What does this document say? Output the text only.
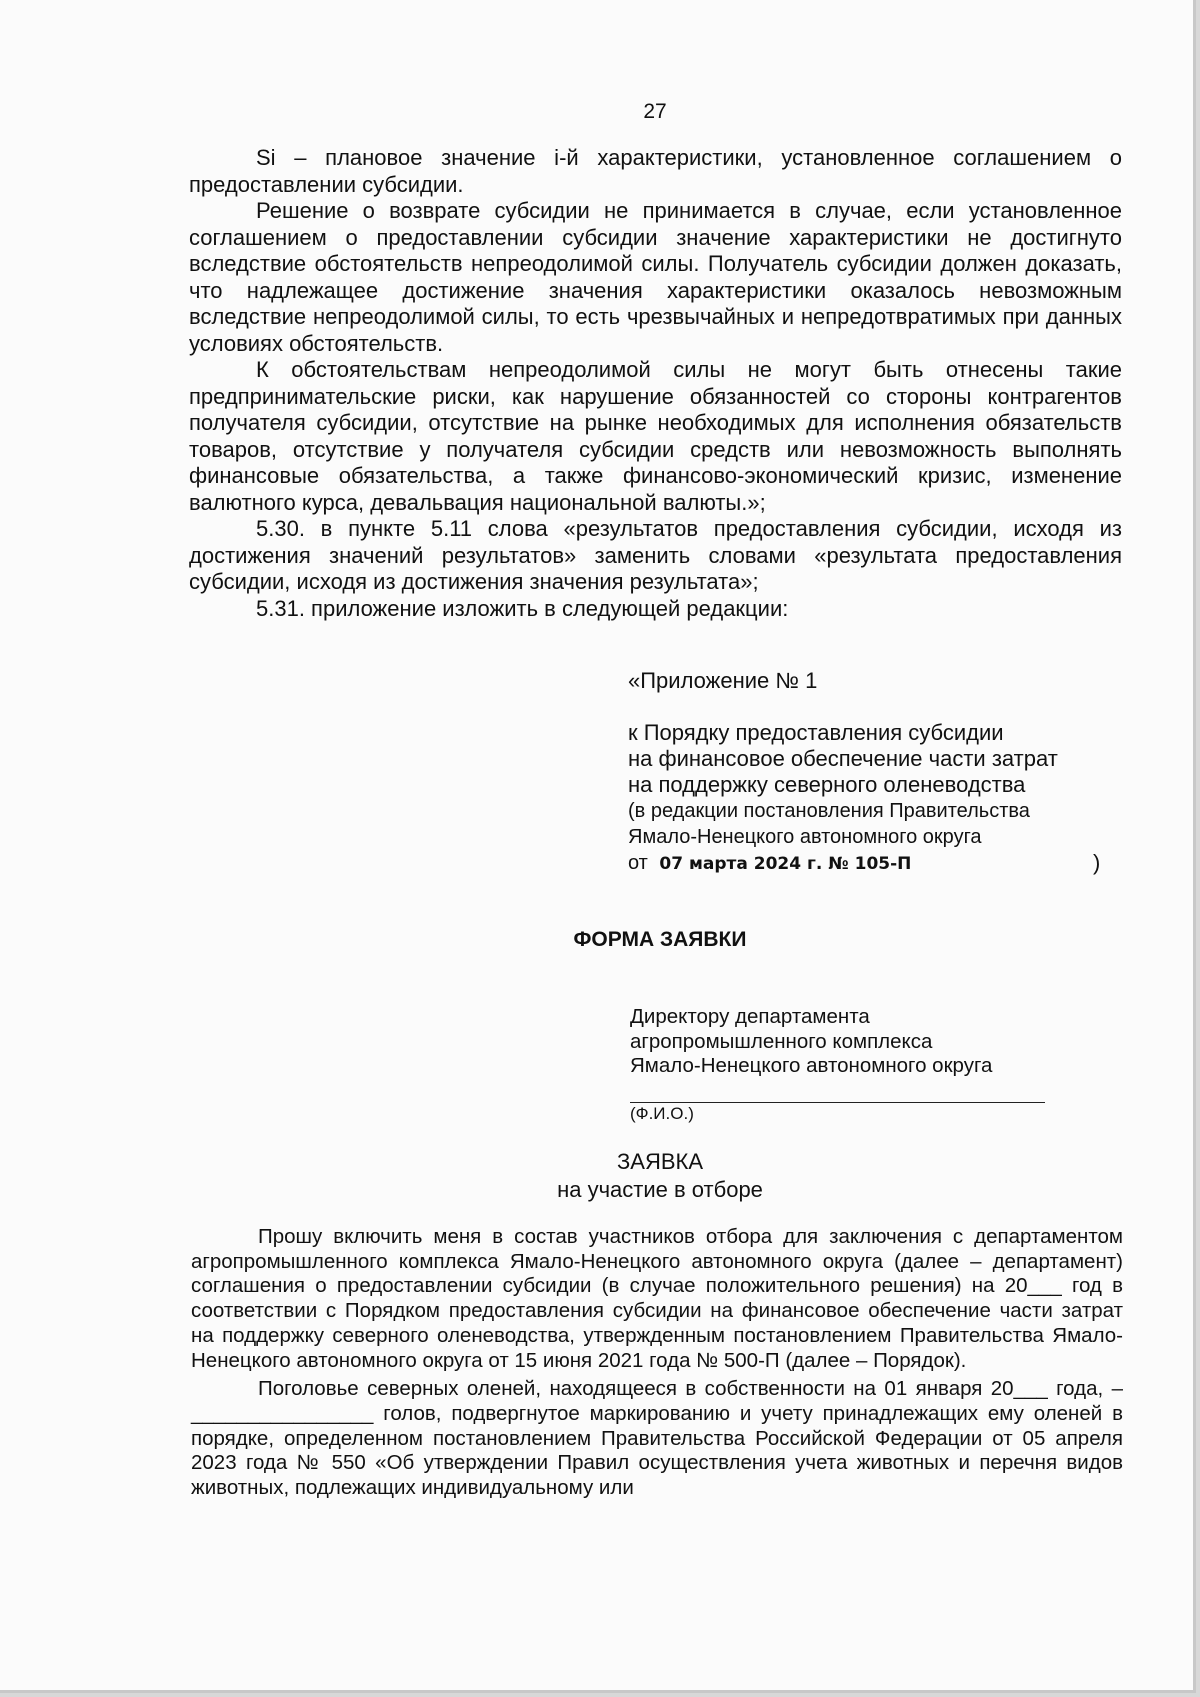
27

Si – плановое значение i-й характеристики, установленное соглашением о предоставлении субсидии.

Решение о возврате субсидии не принимается в случае, если установленное соглашением о предоставлении субсидии значение характеристики не достигнуто вследствие обстоятельств непреодолимой силы. Получатель субсидии должен доказать, что надлежащее достижение значения характеристики оказалось невозможным вследствие непреодолимой силы, то есть чрезвычайных и непредотвратимых при данных условиях обстоятельств.

К обстоятельствам непреодолимой силы не могут быть отнесены такие предпринимательские риски, как нарушение обязанностей со стороны контрагентов получателя субсидии, отсутствие на рынке необходимых для исполнения обязательств товаров, отсутствие у получателя субсидии средств или невозможность выполнять финансовые обязательства, а также финансово-экономический кризис, изменение валютного курса, девальвация национальной валюты.»;

5.30. в пункте 5.11 слова «результатов предоставления субсидии, исходя из достижения значений результатов» заменить словами «результата предоставления субсидии, исходя из достижения значения результата»;

5.31. приложение изложить в следующей редакции:

«Приложение № 1
к Порядку предоставления субсидии
на финансовое обеспечение части затрат
на поддержку северного оленеводства
(в редакции постановления Правительства
Ямало-Ненецкого автономного округа
от 07 марта 2024 г. № 105-П	)
ФОРМА ЗАЯВКИ
Директору департамента
агропромышленного комплекса
Ямало-Ненецкого автономного округа
(Ф.И.О.)
ЗАЯВКА
на участие в отборе

Прошу включить меня в состав участников отбора для заключения с департаментом агропромышленного комплекса Ямало-Ненецкого автономного округа (далее – департамент) соглашения о предоставлении субсидии (в случае положительного решения) на 20___ год в соответствии с Порядком предоставления субсидии на финансовое обеспечение части затрат на поддержку северного оленеводства, утвержденным постановлением Правительства Ямало-Ненецкого автономного округа от 15 июня 2021 года № 500-П (далее – Порядок).

Поголовье северных оленей, находящееся в собственности на 01 января 20___ года, – ________________ голов, подвергнутое маркированию и учету принадлежащих ему оленей в порядке, определенном постановлением Правительства Российской Федерации от 05 апреля 2023 года № 550 «Об утверждении Правил осуществления учета животных и перечня видов животных, подлежащих индивидуальному или
